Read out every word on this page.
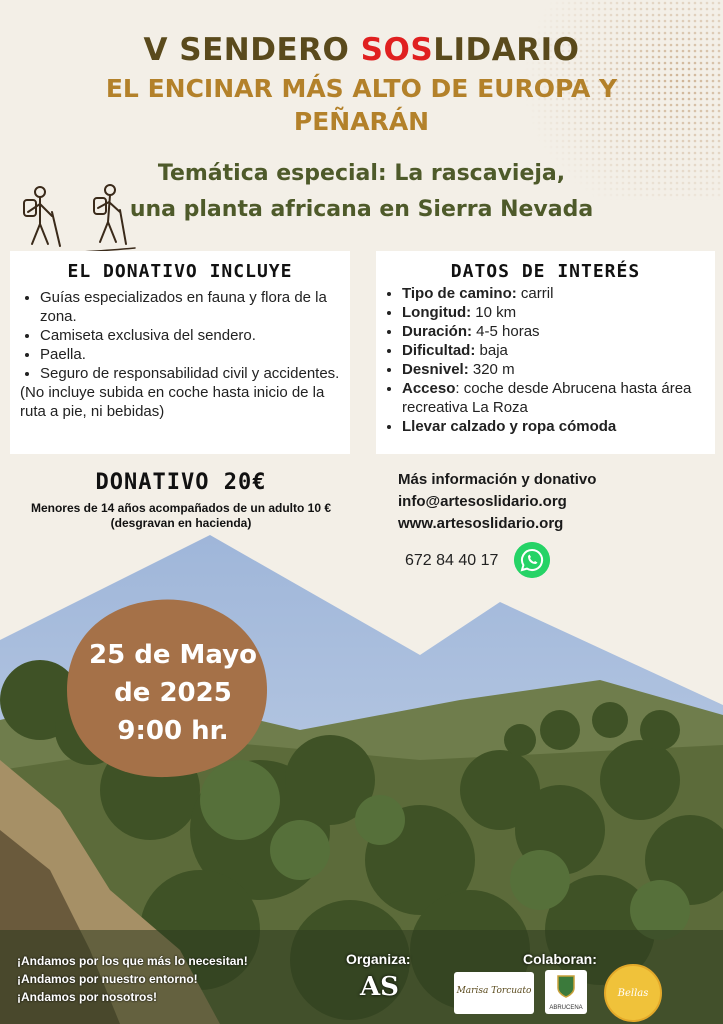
V SENDERO SOSLIDARIO
EL ENCINAR MÁS ALTO DE EUROPA Y
PEÑARÁN
Temática especial: La rascavieja,
una planta africana en Sierra Nevada
EL DONATIVO INCLUYE
• Guías especializados en fauna y flora de la zona.
• Camiseta exclusiva del sendero.
• Paella.
• Seguro de responsabilidad civil y accidentes.
(No incluye subida en coche hasta inicio de la ruta a pie, ni bebidas)
DATOS DE INTERÉS
• Tipo de camino: carril
• Longitud: 10 km
• Duración: 4-5 horas
• Dificultad: baja
• Desnivel: 320 m
• Acceso: coche desde Abrucena hasta área recreativa La Roza
• Llevar calzado y ropa cómoda
DONATIVO 20€
Menores de 14 años acompañados de un adulto 10 €
(desgravan en hacienda)
Más información y donativo
info@artesoslidario.org
www.artesoslidario.org
672 84 40 17
25 de Mayo
de 2025
9:00 hr.
¡Andamos por los que más lo necesitan!
¡Andamos por nuestro entorno!
¡Andamos por nosotros!
Organiza:	Colaboran:
AS	Marisa Torcuato
ABRUCENA
Bellas
